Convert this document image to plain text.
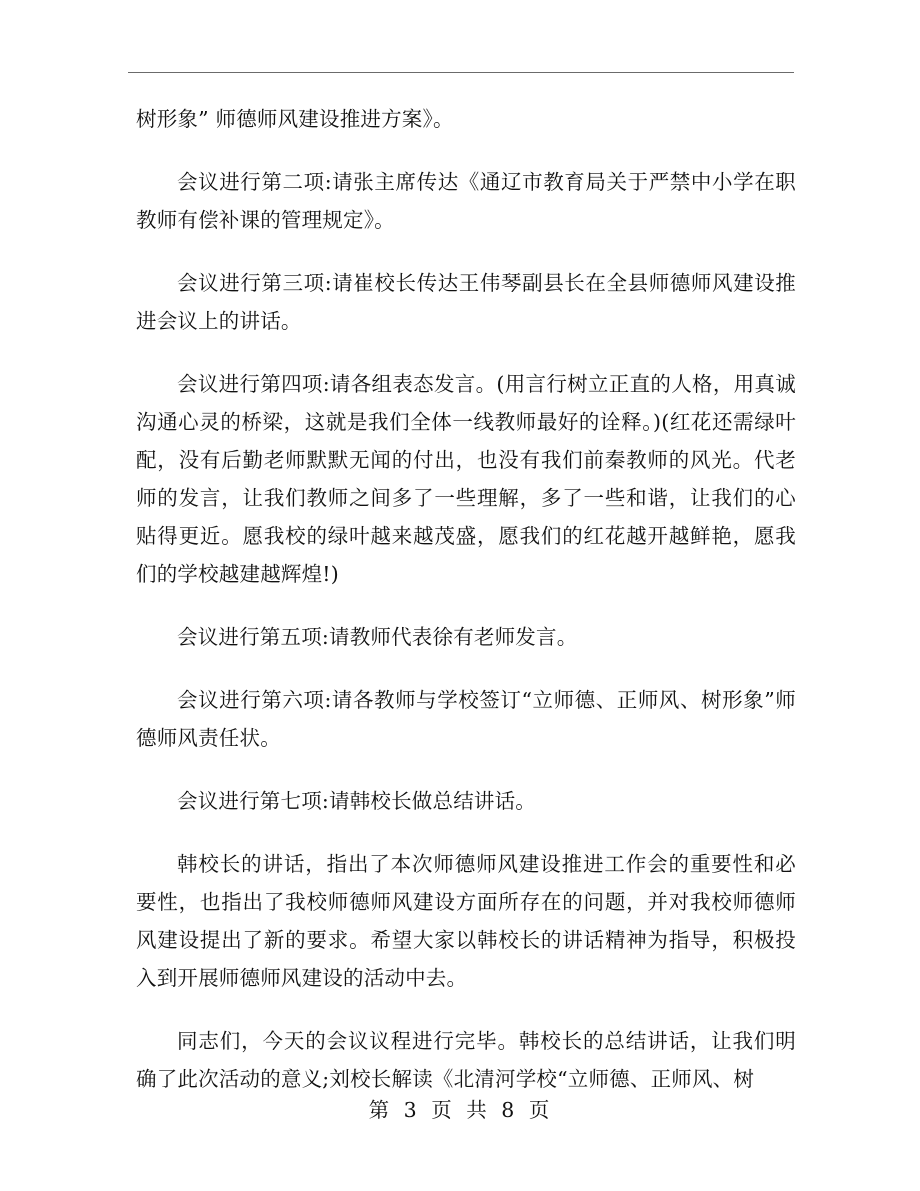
树形象” 师德师风建设推进方案》。

会议进行第二项:请张主席传达《通辽市教育局关于严禁中小学在职教师有偿补课的管理规定》。

会议进行第三项:请崔校长传达王伟琴副县长在全县师德师风建设推进会议上的讲话。

会议进行第四项:请各组表态发言。(用言行树立正直的人格，用真诚沟通心灵的桥梁，这就是我们全体一线教师最好的诠释。)(红花还需绿叶配，没有后勤老师默默无闻的付出，也没有我们前秦教师的风光。代老师的发言，让我们教师之间多了一些理解，多了一些和谐，让我们的心贴得更近。愿我校的绿叶越来越茂盛，愿我们的红花越开越鲜艳，愿我们的学校越建越辉煌!)

会议进行第五项:请教师代表徐有老师发言。

会议进行第六项:请各教师与学校签订“立师德、正师风、树形象”师德师风责任状。

会议进行第七项:请韩校长做总结讲话。

韩校长的讲话，指出了本次师德师风建设推进工作会的重要性和必要性，也指出了我校师德师风建设方面所存在的问题，并对我校师德师风建设提出了新的要求。希望大家以韩校长的讲话精神为指导，积极投入到开展师德师风建设的活动中去。

同志们，今天的会议议程进行完毕。韩校长的总结讲话，让我们明确了此次活动的意义;刘校长解读《北清河学校“立师德、正师风、树

第 3 页 共 8 页
